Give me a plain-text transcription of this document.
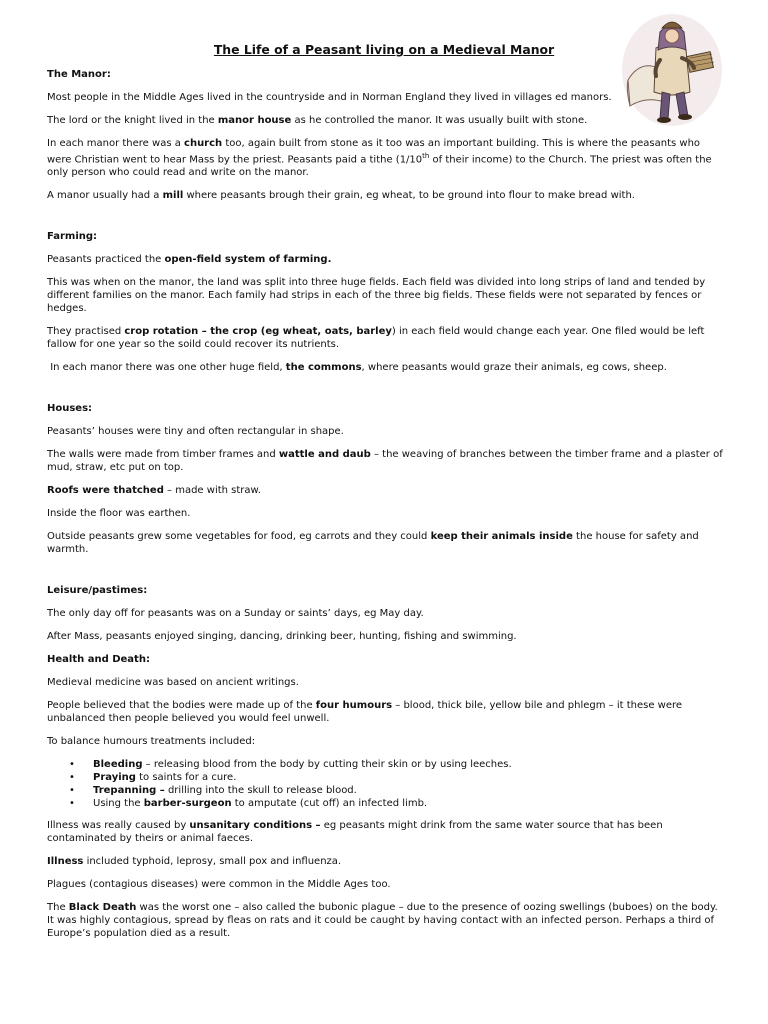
The Life of a Peasant living on a Medieval Manor

The Manor:

Most people in the Middle Ages lived in the countryside and in Norman England they lived in villages ed manors.

The lord or the knight lived in the manor house as he controlled the manor. It was usually built with stone.

In each manor there was a church too, again built from stone as it too was an important building. This is where the peasants who were Christian went to hear Mass by the priest. Peasants paid a tithe (1/10th of their income) to the Church. The priest was often the only person who could read and write on the manor.

A manor usually had a mill where peasants brough their grain, eg wheat, to be ground into flour to make bread with.

Farming:

Peasants practiced the open-field system of farming.

This was when on the manor, the land was split into three huge fields. Each field was divided into long strips of land and tended by different families on the manor. Each family had strips in each of the three big fields. These fields were not separated by fences or hedges.

They practised crop rotation – the crop (eg wheat, oats, barley) in each field would change each year. One filed would be left fallow for one year so the soild could recover its nutrients.

In each manor there was one other huge field, the commons, where peasants would graze their animals, eg cows, sheep.

Houses:

Peasants’ houses were tiny and often rectangular in shape.

The walls were made from timber frames and wattle and daub – the weaving of branches between the timber frame and a plaster of mud, straw, etc put on top.

Roofs were thatched – made with straw.

Inside the floor was earthen.

Outside peasants grew some vegetables for food, eg carrots and they could keep their animals inside the house for safety and warmth.

Leisure/pastimes:

The only day off for peasants was on a Sunday or saints’ days, eg May day.

After Mass, peasants enjoyed singing, dancing, drinking beer, hunting, fishing and swimming.

Health and Death:

Medieval medicine was based on ancient writings.

People believed that the bodies were made up of the four humours – blood, thick bile, yellow bile and phlegm – it these were unbalanced then people believed you would feel unwell.

To balance humours treatments included:

• Bleeding – releasing blood from the body by cutting their skin or by using leeches.
• Praying to saints for a cure.
• Trepanning – drilling into the skull to release blood.
• Using the barber-surgeon to amputate (cut off) an infected limb.

Illness was really caused by unsanitary conditions – eg peasants might drink from the same water source that has been contaminated by theirs or animal faeces.

Illness included typhoid, leprosy, small pox and influenza.

Plagues (contagious diseases) were common in the Middle Ages too.

The Black Death was the worst one – also called the bubonic plague – due to the presence of oozing swellings (buboes) on the body. It was highly contagious, spread by fleas on rats and it could be caught by having contact with an infected person. Perhaps a third of Europe’s population died as a result.
